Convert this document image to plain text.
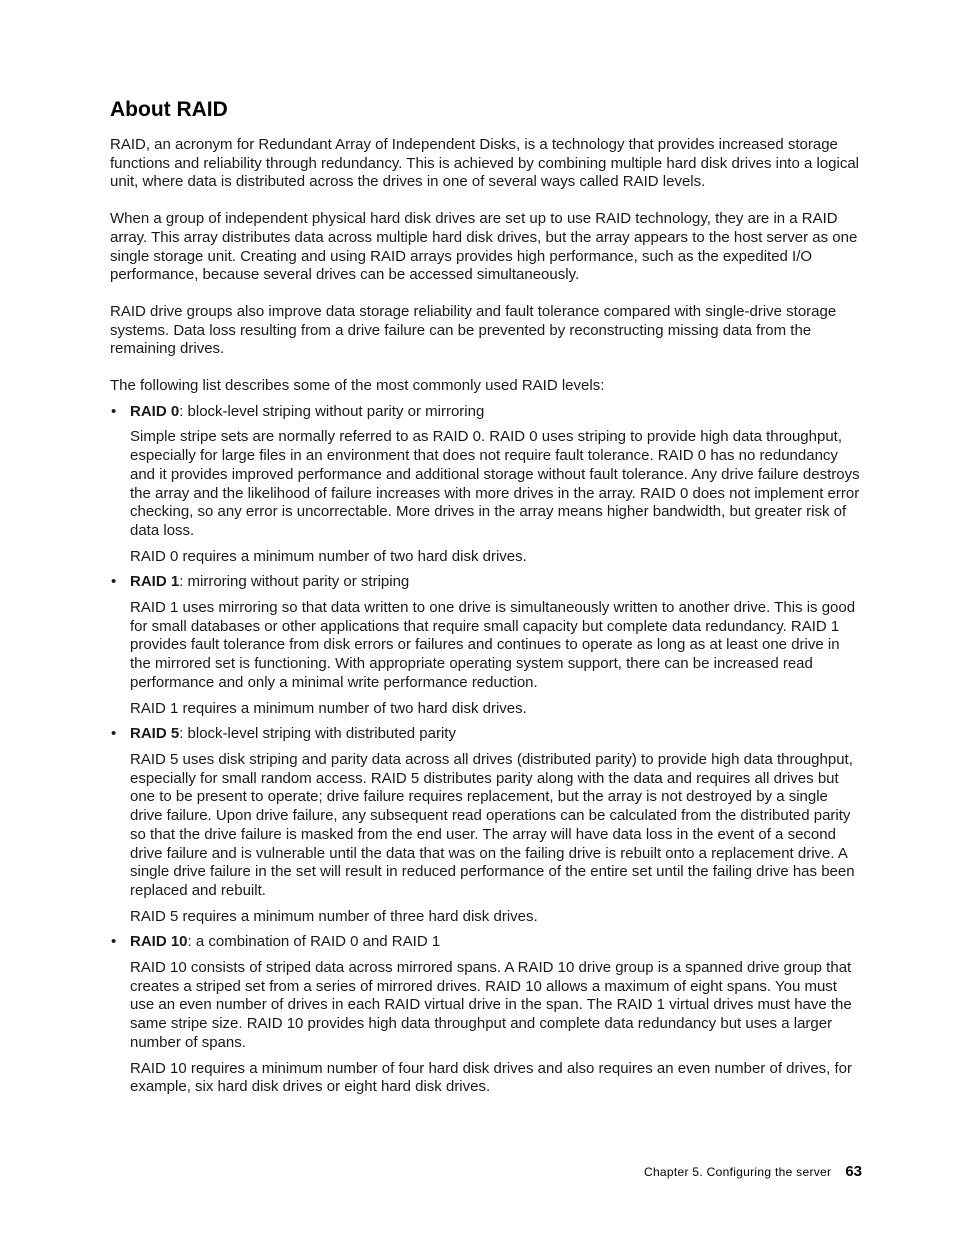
About RAID

RAID, an acronym for Redundant Array of Independent Disks, is a technology that provides increased storage functions and reliability through redundancy. This is achieved by combining multiple hard disk drives into a logical unit, where data is distributed across the drives in one of several ways called RAID levels.

When a group of independent physical hard disk drives are set up to use RAID technology, they are in a RAID array. This array distributes data across multiple hard disk drives, but the array appears to the host server as one single storage unit. Creating and using RAID arrays provides high performance, such as the expedited I/O performance, because several drives can be accessed simultaneously.

RAID drive groups also improve data storage reliability and fault tolerance compared with single-drive storage systems. Data loss resulting from a drive failure can be prevented by reconstructing missing data from the remaining drives.

The following list describes some of the most commonly used RAID levels:

• RAID 0: block-level striping without parity or mirroring

Simple stripe sets are normally referred to as RAID 0. RAID 0 uses striping to provide high data throughput, especially for large files in an environment that does not require fault tolerance. RAID 0 has no redundancy and it provides improved performance and additional storage without fault tolerance. Any drive failure destroys the array and the likelihood of failure increases with more drives in the array. RAID 0 does not implement error checking, so any error is uncorrectable. More drives in the array means higher bandwidth, but greater risk of data loss.

RAID 0 requires a minimum number of two hard disk drives.

• RAID 1: mirroring without parity or striping

RAID 1 uses mirroring so that data written to one drive is simultaneously written to another drive. This is good for small databases or other applications that require small capacity but complete data redundancy. RAID 1 provides fault tolerance from disk errors or failures and continues to operate as long as at least one drive in the mirrored set is functioning. With appropriate operating system support, there can be increased read performance and only a minimal write performance reduction.

RAID 1 requires a minimum number of two hard disk drives.

• RAID 5: block-level striping with distributed parity

RAID 5 uses disk striping and parity data across all drives (distributed parity) to provide high data throughput, especially for small random access. RAID 5 distributes parity along with the data and requires all drives but one to be present to operate; drive failure requires replacement, but the array is not destroyed by a single drive failure. Upon drive failure, any subsequent read operations can be calculated from the distributed parity so that the drive failure is masked from the end user. The array will have data loss in the event of a second drive failure and is vulnerable until the data that was on the failing drive is rebuilt onto a replacement drive. A single drive failure in the set will result in reduced performance of the entire set until the failing drive has been replaced and rebuilt.

RAID 5 requires a minimum number of three hard disk drives.

• RAID 10: a combination of RAID 0 and RAID 1

RAID 10 consists of striped data across mirrored spans. A RAID 10 drive group is a spanned drive group that creates a striped set from a series of mirrored drives. RAID 10 allows a maximum of eight spans. You must use an even number of drives in each RAID virtual drive in the span. The RAID 1 virtual drives must have the same stripe size. RAID 10 provides high data throughput and complete data redundancy but uses a larger number of spans.

RAID 10 requires a minimum number of four hard disk drives and also requires an even number of drives, for example, six hard disk drives or eight hard disk drives.

Chapter 5. Configuring the server 63
